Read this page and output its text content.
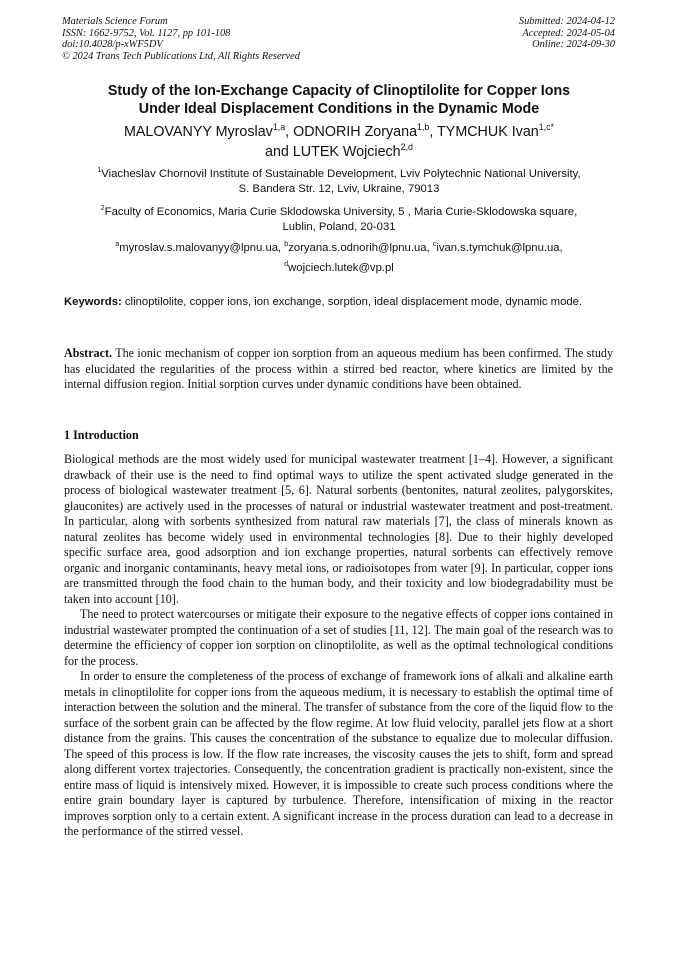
Materials Science Forum
ISSN: 1662-9752, Vol. 1127, pp 101-108
doi:10.4028/p-xWF5DV
© 2024 Trans Tech Publications Ltd, All Rights Reserved
Submitted: 2024-04-12
Accepted: 2024-05-04
Online: 2024-09-30
Study of the Ion-Exchange Capacity of Clinoptilolite for Copper Ions
Under Ideal Displacement Conditions in the Dynamic Mode
MALOVANYY Myroslav$^{1,a}$, ODNORIH Zoryana$^{1,b}$, TYMCHUK Ivan$^{1,c*}$
and LUTEK Wojciech$^{2,d}$
$^1$Viacheslav Chornovil Institute of Sustainable Development, Lviv Polytechnic National University,
S. Bandera Str. 12, Lviv, Ukraine, 79013
$^2$Faculty of Economics, Maria Curie Sklodowska University, 5 , Maria Curie-Sklodowska square,
Lublin, Poland, 20-031
$^a$myroslav.s.malovanyy@lpnu.ua, $^b$zoryana.s.odnorih@lpnu.ua, $^c$ivan.s.tymchuk@lpnu.ua,
$^d$wojciech.lutek@vp.pl
Keywords: clinoptilolite, copper ions, ion exchange, sorption, ideal displacement mode, dynamic mode.
Abstract. The ionic mechanism of copper ion sorption from an aqueous medium has been confirmed. The study has elucidated the regularities of the process within a stirred bed reactor, where kinetics are limited by the internal diffusion region. Initial sorption curves under dynamic conditions have been obtained.
1 Introduction

Biological methods are the most widely used for municipal wastewater treatment [1–4]. However, a significant drawback of their use is the need to find optimal ways to utilize the spent activated sludge generated in the process of biological wastewater treatment [5, 6]. Natural sorbents (bentonites, natural zeolites, palygorskites, glauconites) are actively used in the processes of natural or industrial wastewater treatment and post-treatment. In particular, along with sorbents synthesized from natural raw materials [7], the class of minerals known as natural zeolites has become widely used in environmental technologies [8]. Due to their highly developed specific surface area, good adsorption and ion exchange properties, natural sorbents can effectively remove organic and inorganic contaminants, heavy metal ions, or radioisotopes from water [9]. In particular, copper ions are transmitted through the food chain to the human body, and their toxicity and low biodegradability must be taken into account [10].

The need to protect watercourses or mitigate their exposure to the negative effects of copper ions contained in industrial wastewater prompted the continuation of a set of studies [11, 12]. The main goal of the research was to determine the efficiency of copper ion sorption on clinoptilolite, as well as the optimal technological conditions for the process.

In order to ensure the completeness of the process of exchange of framework ions of alkali and alkaline earth metals in clinoptilolite for copper ions from the aqueous medium, it is necessary to establish the optimal time of interaction between the solution and the mineral. The transfer of substance from the core of the liquid flow to the surface of the sorbent grain can be affected by the flow regime. At low fluid velocity, parallel jets flow at a short distance from the grains. This causes the concentration of the substance to equalize due to molecular diffusion. The speed of this process is low. If the flow rate increases, the viscosity causes the jets to shift, form and spread along different vortex trajectories. Consequently, the concentration gradient is practically non-existent, since the entire mass of liquid is intensively mixed. However, it is impossible to create such process conditions where the entire grain boundary layer is captured by turbulence. Therefore, intensification of mixing in the reactor improves sorption only to a certain extent. A significant increase in the process duration can lead to a decrease in the performance of the stirred vessel.
